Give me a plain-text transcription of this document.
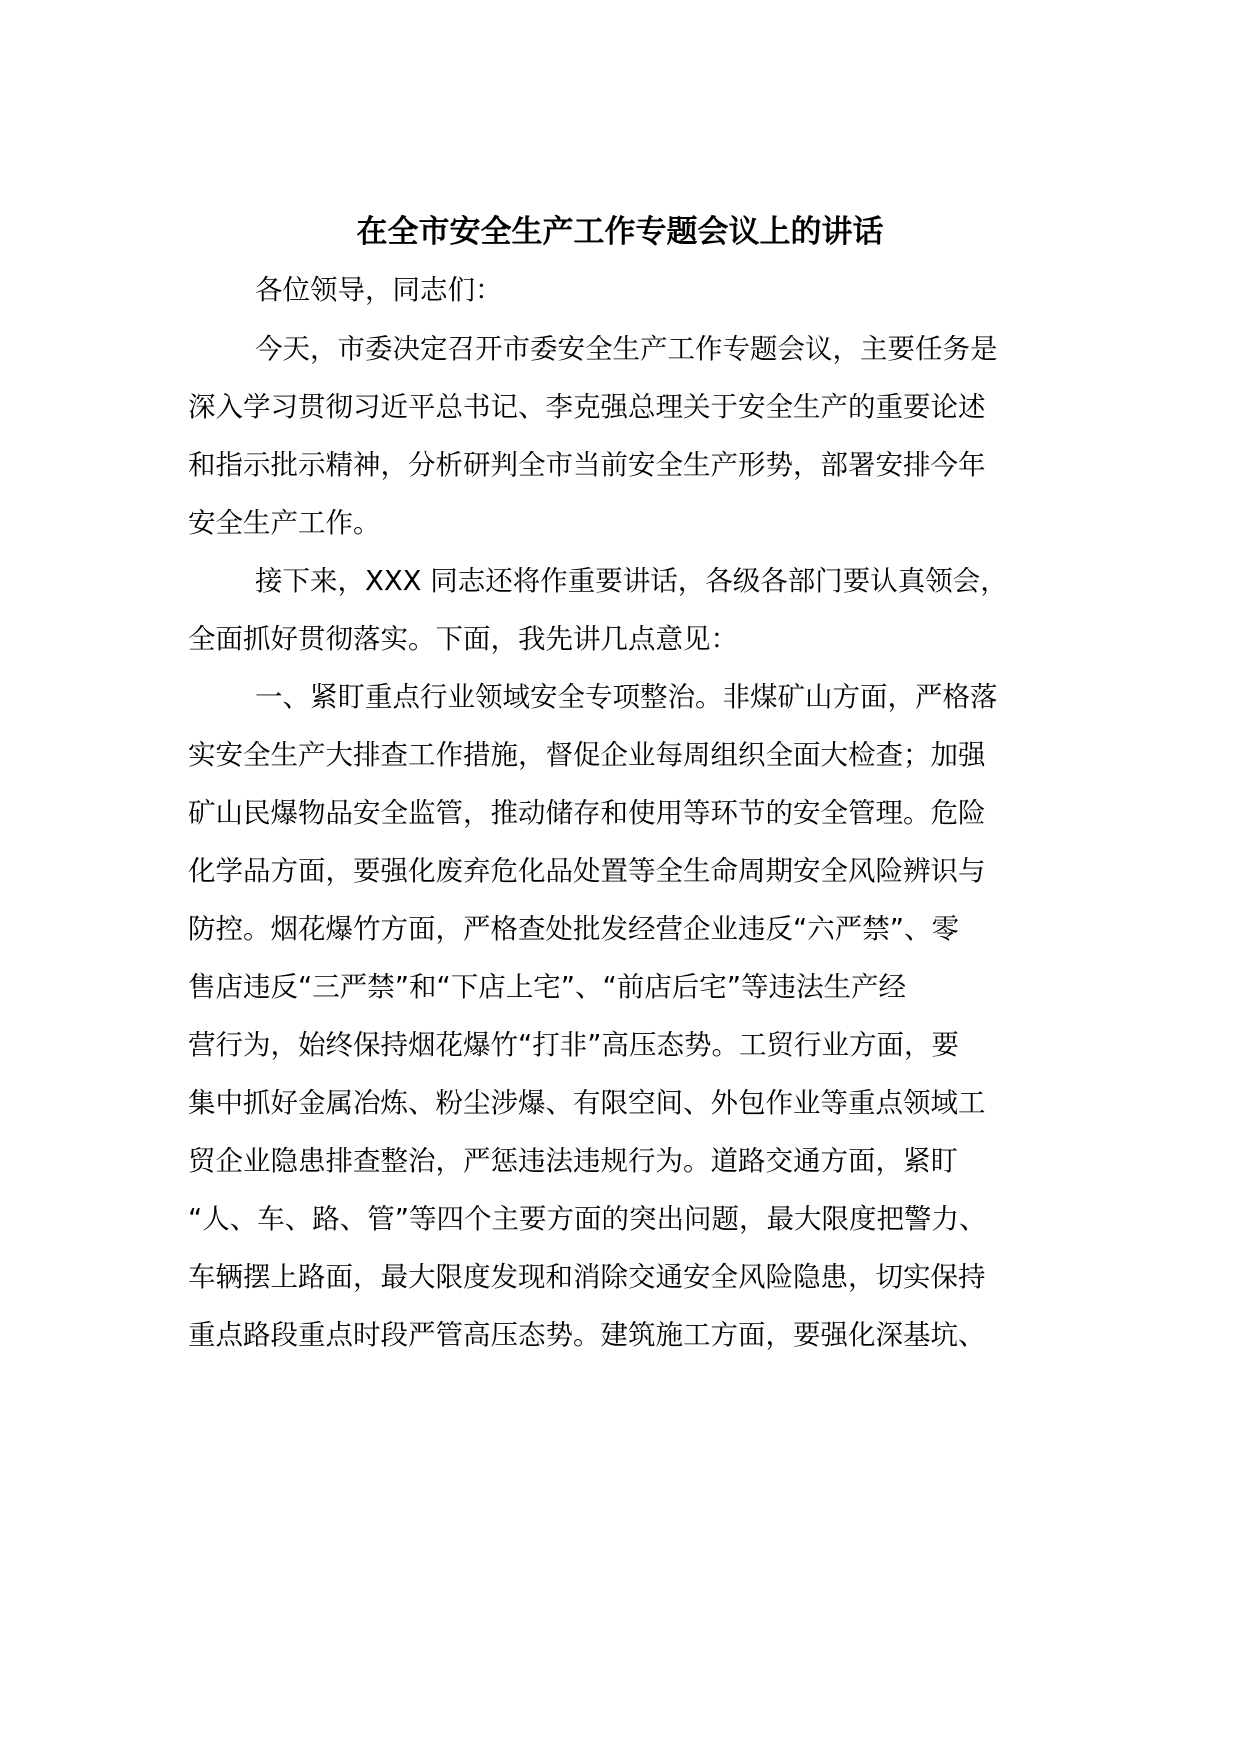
在全市安全生产工作专题会议上的讲话
各位领导，同志们：
今天，市委决定召开市委安全生产工作专题会议，主要任务是
深入学习贯彻习近平总书记、李克强总理关于安全生产的重要论述
和指示批示精神，分析研判全市当前安全生产形势，部署安排今年
安全生产工作。
接下来，XXX 同志还将作重要讲话，各级各部门要认真领会，
全面抓好贯彻落实。下面，我先讲几点意见：
一、紧盯重点行业领域安全专项整治。非煤矿山方面，严格落
实安全生产大排查工作措施，督促企业每周组织全面大检查；加强
矿山民爆物品安全监管，推动储存和使用等环节的安全管理。危险
化学品方面，要强化废弃危化品处置等全生命周期安全风险辨识与
防控。烟花爆竹方面，严格查处批发经营企业违反“六严禁”、零
售店违反“三严禁”和“下店上宅”、“前店后宅”等违法生产经
营行为，始终保持烟花爆竹“打非”高压态势。工贸行业方面，要
集中抓好金属冶炼、粉尘涉爆、有限空间、外包作业等重点领域工
贸企业隐患排查整治，严惩违法违规行为。道路交通方面，紧盯
“人、车、路、管”等四个主要方面的突出问题，最大限度把警力、
车辆摆上路面，最大限度发现和消除交通安全风险隐患，切实保持
重点路段重点时段严管高压态势。建筑施工方面，要强化深基坑、
